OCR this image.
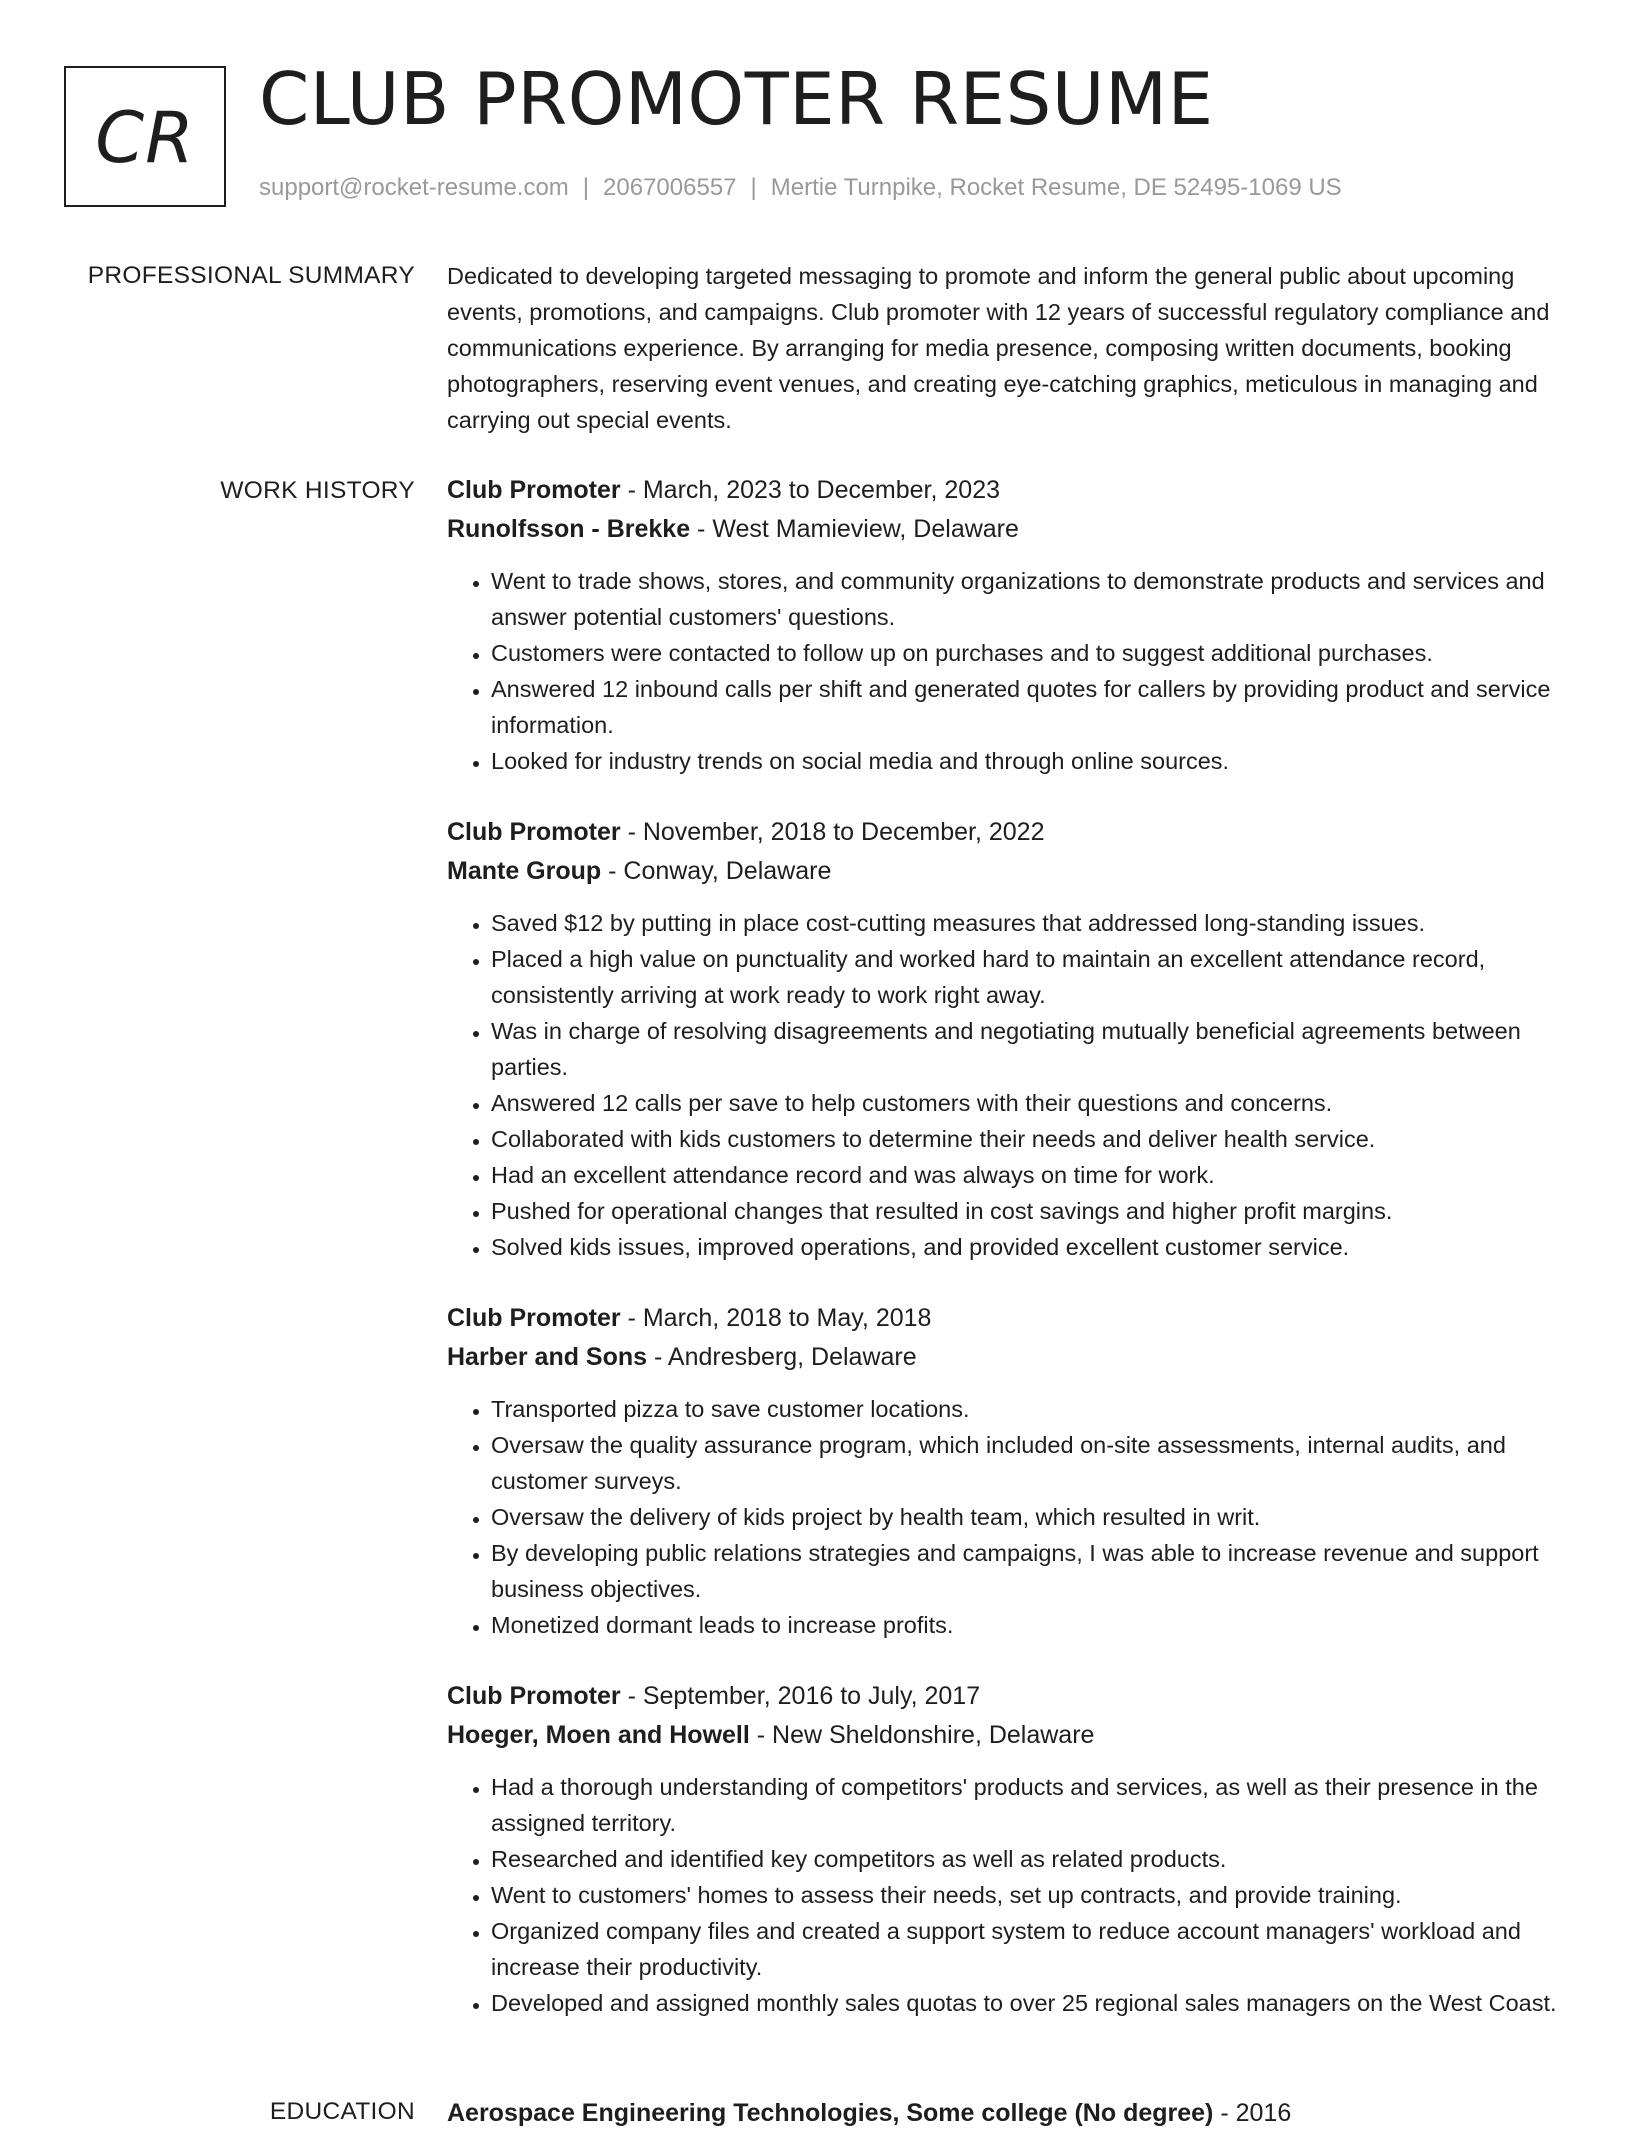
CR CLUB PROMOTER RESUME
support@rocket-resume.com | 2067006557 | Mertie Turnpike, Rocket Resume, DE 52495-1069 US
PROFESSIONAL SUMMARY Dedicated to developing targeted messaging to promote and inform the general public about upcoming events, promotions, and campaigns. Club promoter with 12 years of successful regulatory compliance and communications experience. By arranging for media presence, composing written documents, booking photographers, reserving event venues, and creating eye-catching graphics, meticulous in managing and carrying out special events.

WORK HISTORY Club Promoter - March, 2023 to December, 2023
Runolfsson - Brekke - West Mamieview, Delaware
• Went to trade shows, stores, and community organizations to demonstrate products and services and answer potential customers' questions.
• Customers were contacted to follow up on purchases and to suggest additional purchases.
• Answered 12 inbound calls per shift and generated quotes for callers by providing product and service information.
• Looked for industry trends on social media and through online sources.
Club Promoter - November, 2018 to December, 2022
Mante Group - Conway, Delaware
• Saved $12 by putting in place cost-cutting measures that addressed long-standing issues.
• Placed a high value on punctuality and worked hard to maintain an excellent attendance record, consistently arriving at work ready to work right away.
• Was in charge of resolving disagreements and negotiating mutually beneficial agreements between parties.
• Answered 12 calls per save to help customers with their questions and concerns.
• Collaborated with kids customers to determine their needs and deliver health service.
• Had an excellent attendance record and was always on time for work.
• Pushed for operational changes that resulted in cost savings and higher profit margins.
• Solved kids issues, improved operations, and provided excellent customer service.
Club Promoter - March, 2018 to May, 2018
Harber and Sons - Andresberg, Delaware
• Transported pizza to save customer locations.
• Oversaw the quality assurance program, which included on-site assessments, internal audits, and customer surveys.
• Oversaw the delivery of kids project by health team, which resulted in writ.
• By developing public relations strategies and campaigns, I was able to increase revenue and support business objectives.
• Monetized dormant leads to increase profits.
Club Promoter - September, 2016 to July, 2017
Hoeger, Moen and Howell - New Sheldonshire, Delaware
• Had a thorough understanding of competitors' products and services, as well as their presence in the assigned territory.
• Researched and identified key competitors as well as related products.
• Went to customers' homes to assess their needs, set up contracts, and provide training.
• Organized company files and created a support system to reduce account managers' workload and increase their productivity.
• Developed and assigned monthly sales quotas to over 25 regional sales managers on the West Coast.
EDUCATION Aerospace Engineering Technologies, Some college (No degree) - 2016
